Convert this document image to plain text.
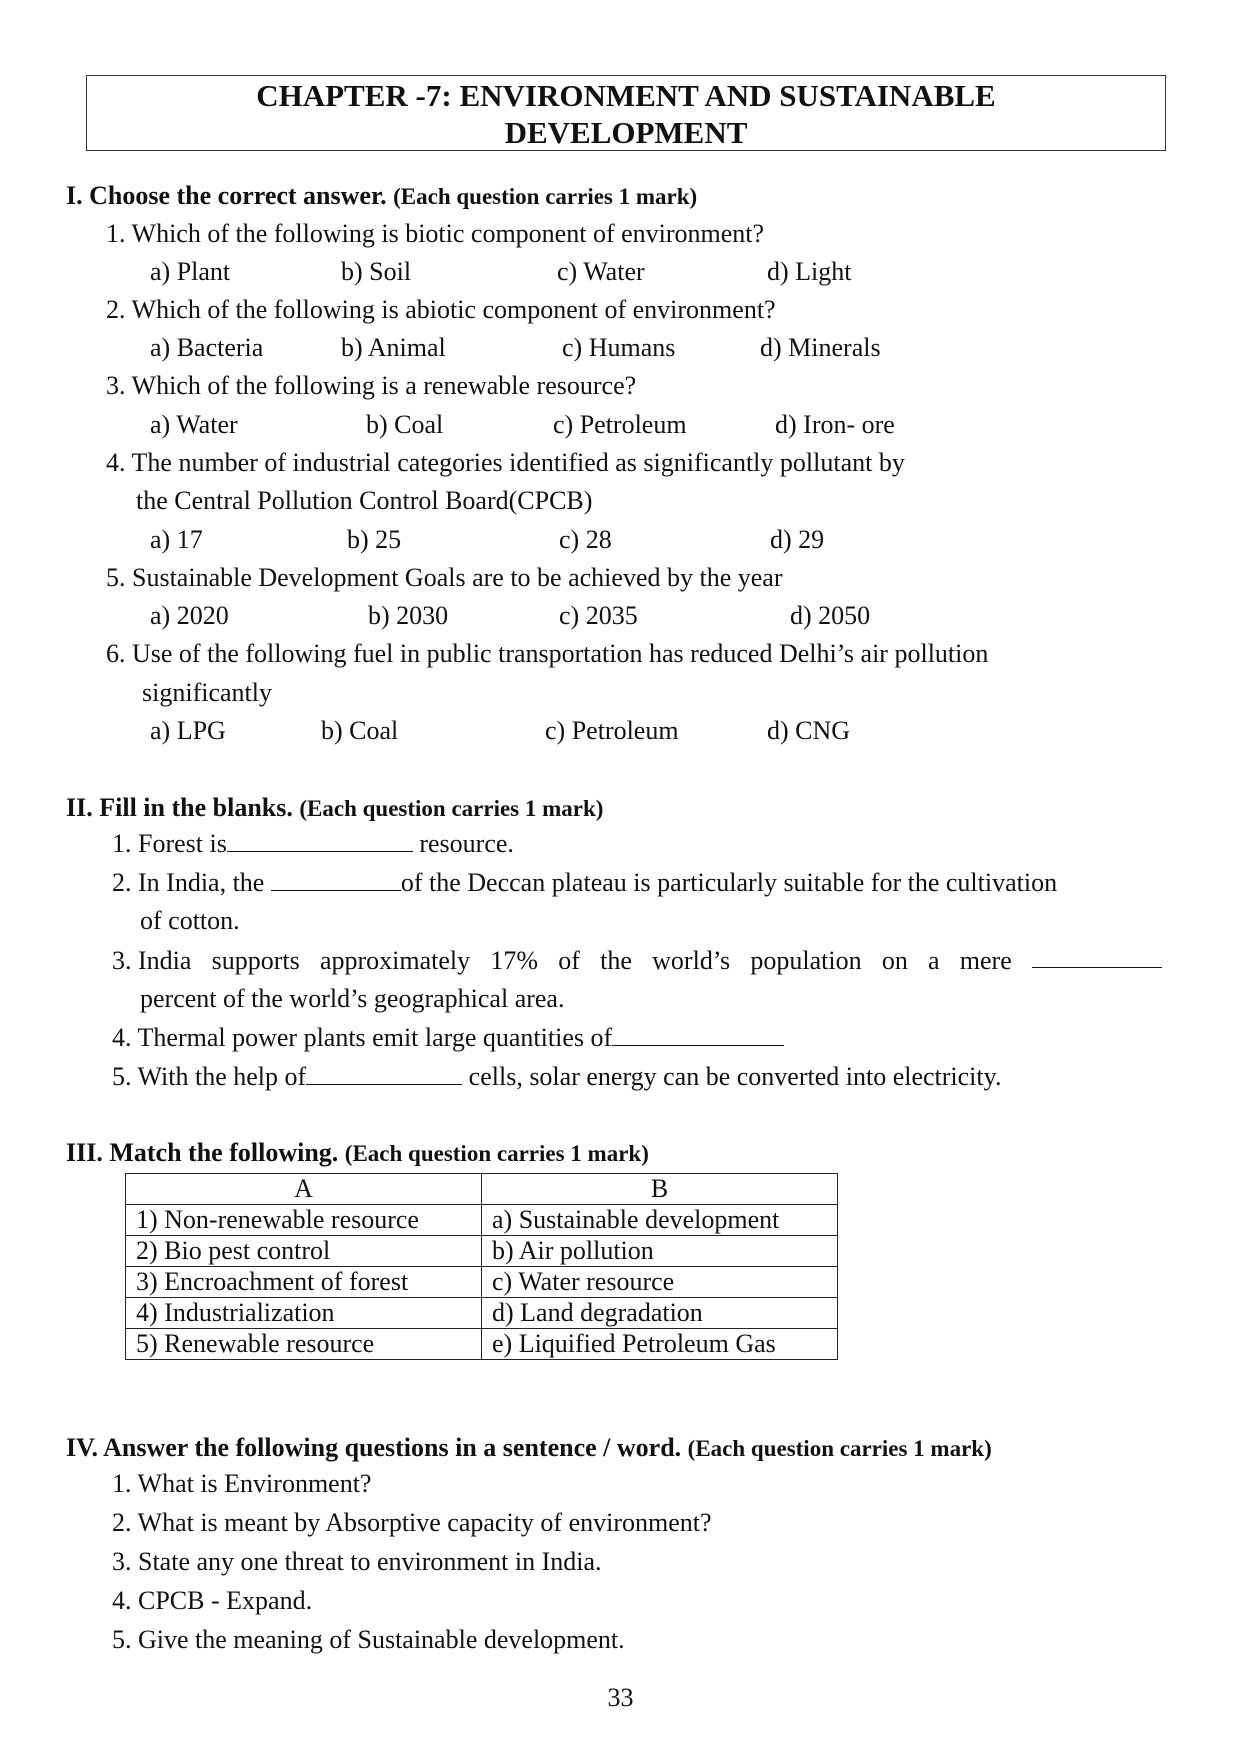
CHAPTER -7: ENVIRONMENT AND SUSTAINABLE
DEVELOPMENT
I. Choose the correct answer. (Each question carries 1 mark)
1. Which of the following is biotic component of environment?
a) Plant	b) Soil	c) Water	d) Light
2. Which of the following is abiotic component of environment?
a) Bacteria	b) Animal	c) Humans	d) Minerals
3. Which of the following is a renewable resource?
a) Water	b) Coal	c) Petroleum	d) Iron- ore
4. The number of industrial categories identified as significantly pollutant by
the Central Pollution Control Board(CPCB)
a) 17	b) 25	c) 28	d) 29
5. Sustainable Development Goals are to be achieved by the year
a) 2020	b) 2030	c) 2035	d) 2050
6. Use of the following fuel in public transportation has reduced Delhi’s air pollution
significantly
a) LPG	b) Coal	c) Petroleum	d) CNG
II. Fill in the blanks. (Each question carries 1 mark)
1. Forest is	resource.
2. In India, the	of the Deccan plateau is particularly suitable for the cultivation
of cotton.
3. India supports approximately 17% of the world’s population on a mere
percent of the world’s geographical area.
4. Thermal power plants emit large quantities of
5. With the help of	cells, solar energy can be converted into electricity.
III. Match the following. (Each question carries 1 mark)
A	B
1) Non-renewable resource	a) Sustainable development
2) Bio pest control	b) Air pollution
3) Encroachment of forest	c) Water resource
4) Industrialization	d) Land degradation
5) Renewable resource	e) Liquified Petroleum Gas
IV. Answer the following questions in a sentence / word. (Each question carries 1 mark)
1. What is Environment?
2. What is meant by Absorptive capacity of environment?
3. State any one threat to environment in India.
4. CPCB - Expand.
5. Give the meaning of Sustainable development.
33
